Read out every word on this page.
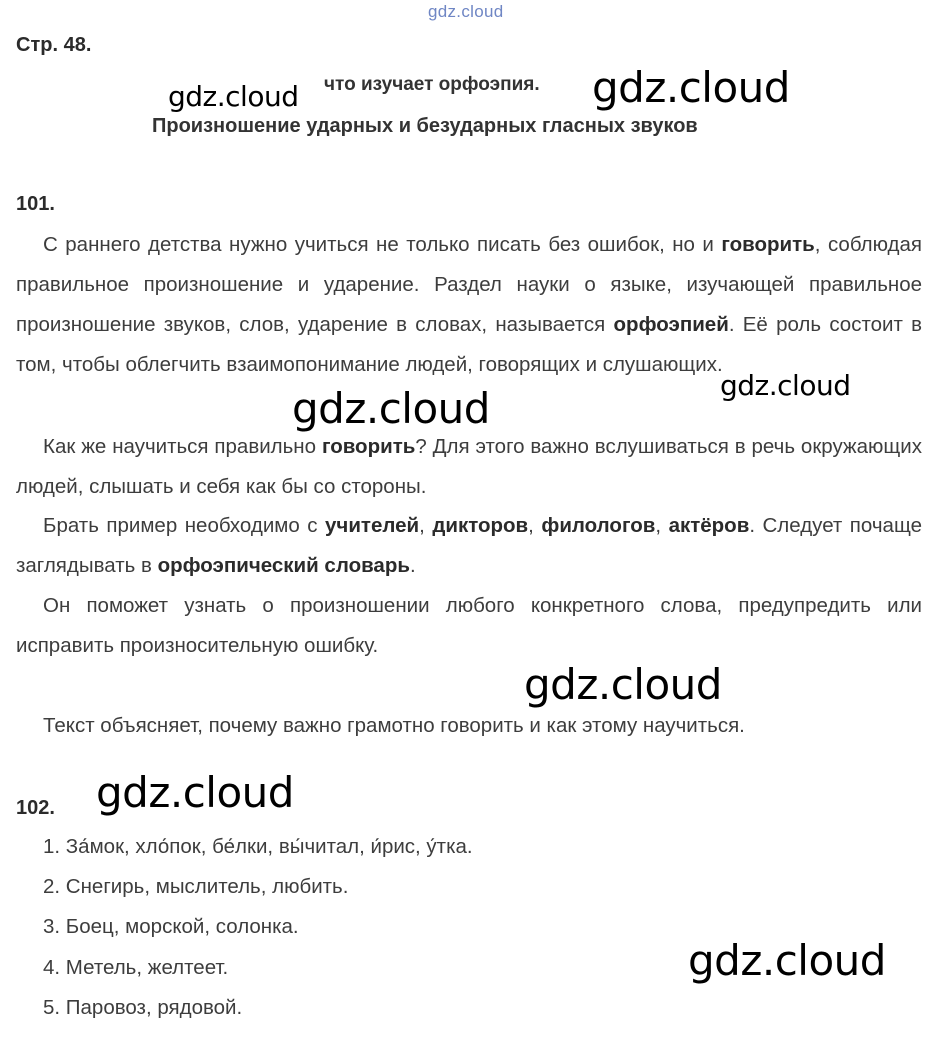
gdz.cloud
Стр. 48.
что изучает орфоэпия.
Произношение ударных и безударных гласных звуков
101.
С раннего детства нужно учиться не только писать без ошибок, но и говорить, соблюдая правильное произношение и ударение. Раздел науки о языке, изучающей правильное произношение звуков, слов, ударение в словах, называется орфоэпией. Её роль состоит в том, чтобы облегчить взаимопонимание людей, говорящих и слушающих.
Как же научиться правильно говорить? Для этого важно вслушиваться в речь окружающих людей, слышать и себя как бы со стороны.
Брать пример необходимо с учителей, дикторов, филологов, актёров. Следует почаще заглядывать в орфоэпический словарь.
Он поможет узнать о произношении любого конкретного слова, предупредить или исправить произносительную ошибку.
Текст объясняет, почему важно грамотно говорить и как этому научиться.
102.
1. За́мок, хло́пок, бе́лки, вы́читал, и́рис, у́тка.
2. Снегирь, мыслитель, любить.
3. Боец, морской, солонка.
4. Метель, желтеет.
5. Паровоз, рядовой.
gdz.cloud	gdz.cloud
gdz.cloud
gdz.cloud
gdz.cloud
gdz.cloud
gdz.cloud
